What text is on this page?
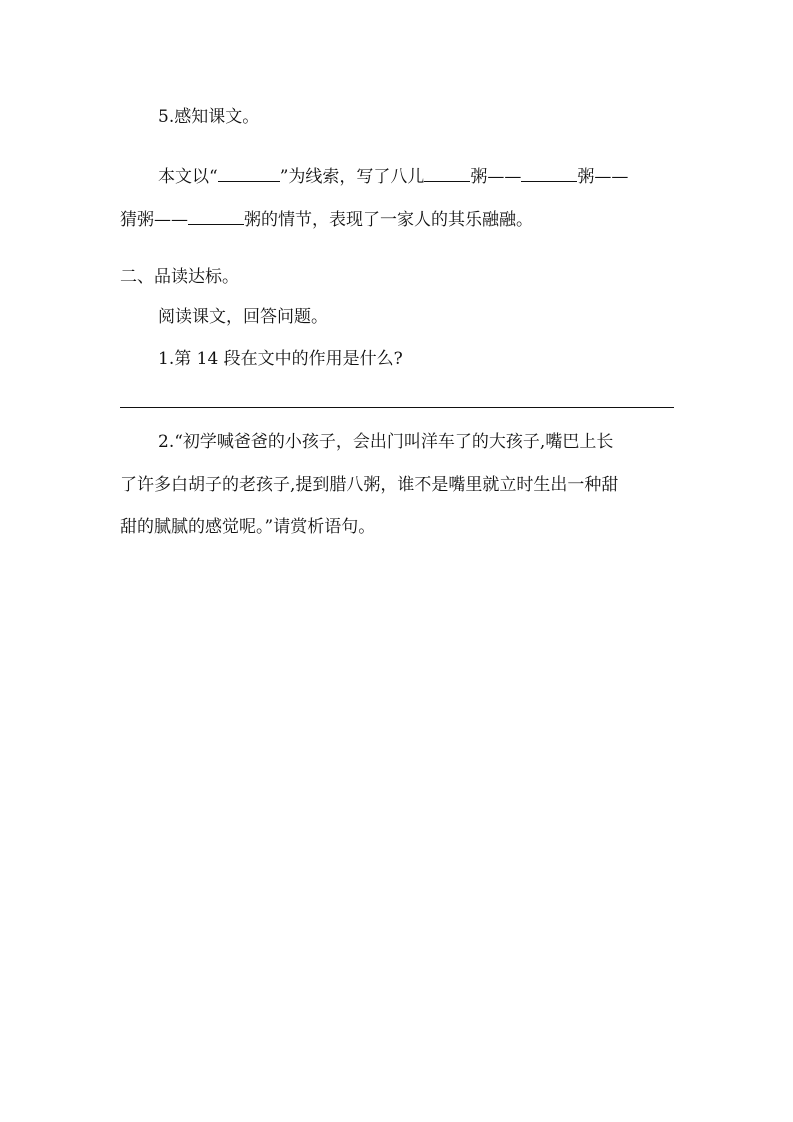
5.感知课文。
本文以“	”为线索，写了八儿	粥——	粥——
猜粥——	粥的情节，表现了一家人的其乐融融。
二、品读达标。
阅读课文，回答问题。
1.第 14 段在文中的作用是什么?
2.“初学喊爸爸的小孩子，会出门叫洋车了的大孩子,嘴巴上长
了许多白胡子的老孩子,提到腊八粥，谁不是嘴里就立时生出一种甜
甜的腻腻的感觉呢。”请赏析语句。
